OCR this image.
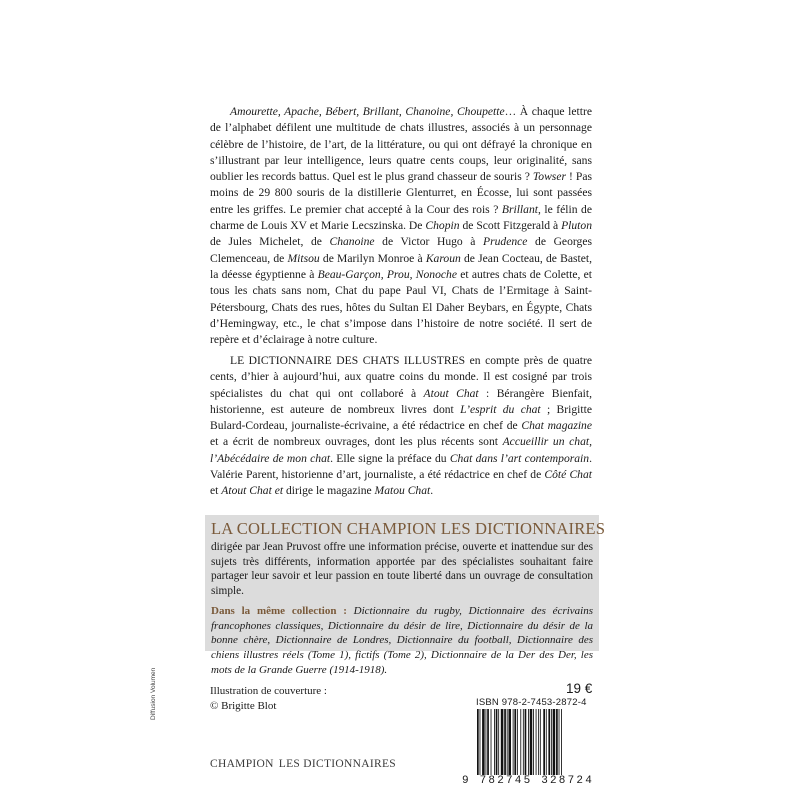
Amourette, Apache, Bébert, Brillant, Chanoine, Choupette… À chaque lettre de l’alphabet défilent une multitude de chats illustres, associés à un personnage célèbre de l’histoire, de l’art, de la littérature, ou qui ont défrayé la chronique en s’illustrant par leur intelligence, leurs quatre cents coups, leur originalité, sans oublier les records battus. Quel est le plus grand chasseur de souris ? Towser ! Pas moins de 29 800 souris de la distillerie Glenturret, en Écosse, lui sont passées entre les griffes. Le premier chat accepté à la Cour des rois ? Brillant, le félin de charme de Louis XV et Marie Lecszinska. De Chopin de Scott Fitzgerald à Pluton de Jules Michelet, de Chanoine de Victor Hugo à Prudence de Georges Clemenceau, de Mitsou de Marilyn Monroe à Karoun de Jean Cocteau, de Bastet, la déesse égyptienne à Beau-Garçon, Prou, Nonoche et autres chats de Colette, et tous les chats sans nom, Chat du pape Paul VI, Chats de l’Ermitage à Saint-Pétersbourg, Chats des rues, hôtes du Sultan El Daher Beybars, en Égypte, Chats d’Hemingway, etc., le chat s’impose dans l’histoire de notre société. Il sert de repère et d’éclairage à notre culture.
LE DICTIONNAIRE DES CHATS ILLUSTRES en compte près de quatre cents, d’hier à aujourd’hui, aux quatre coins du monde. Il est cosigné par trois spécialistes du chat qui ont collaboré à Atout Chat : Bérangère Bienfait, historienne, est auteure de nombreux livres dont L’esprit du chat ; Brigitte Bulard-Cordeau, journaliste-écrivaine, a été rédactrice en chef de Chat magazine et a écrit de nombreux ouvrages, dont les plus récents sont Accueillir un chat, l’Abécédaire de mon chat. Elle signe la préface du Chat dans l’art contemporain. Valérie Parent, historienne d’art, journaliste, a été rédactrice en chef de Côté Chat et Atout Chat et dirige le magazine Matou Chat.
LA COLLECTION CHAMPION LES DICTIONNAIRES
dirigée par Jean Pruvost offre une information précise, ouverte et inattendue sur des sujets très différents, information apportée par des spécialistes souhaitant faire partager leur savoir et leur passion en toute liberté dans un ouvrage de consultation simple.
Dans la même collection : Dictionnaire du rugby, Dictionnaire des écrivains francophones classiques, Dictionnaire du désir de lire, Dictionnaire du désir de la bonne chère, Dictionnaire de Londres, Dictionnaire du football, Dictionnaire des chiens illustres réels (Tome 1), fictifs (Tome 2), Dictionnaire de la Der des Der, les mots de la Grande Guerre (1914-1918).
Illustration de couverture :
© Brigitte Blot
19 €
ISBN 978-2-7453-2872-4
9 782745 328724
CHAMPION LES DICTIONNAIRES
Diffusion Volumen
